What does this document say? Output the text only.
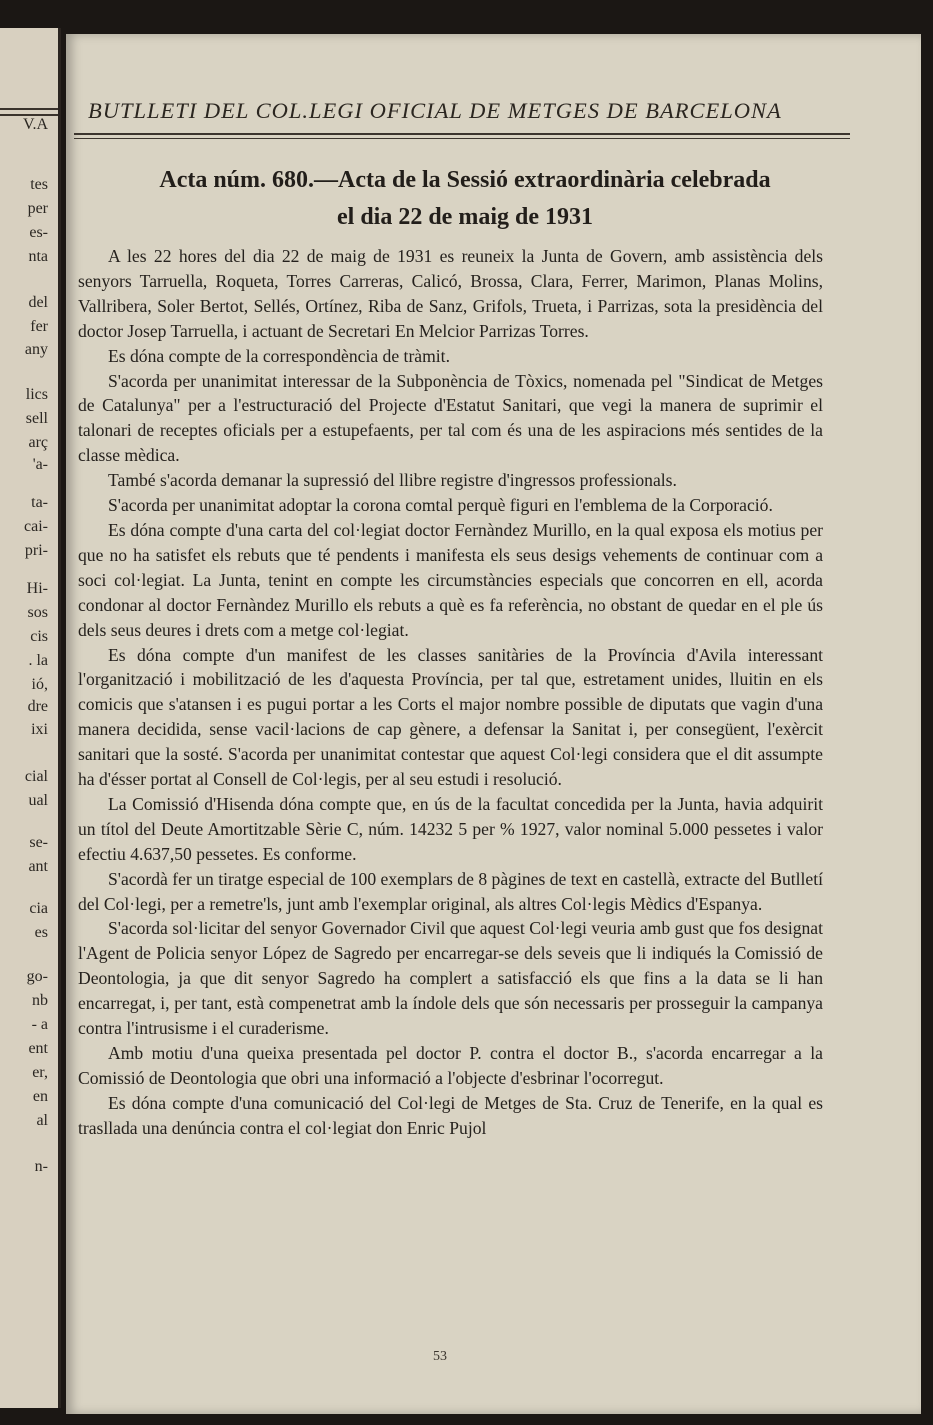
V.A
tes
per
es-
nta
del
fer
any
lics
sell
arç
'a-
ta-
cai-
pri-
Hi-
sos
cis
. la
ió,
dre
ixi
cial
ual
se-
ant
cia
es
go-
nb
- a
ent
er,
en
al
n-
BUTLLETI DEL COL.LEGI OFICIAL DE METGES DE BARCELONA
Acta núm. 680.—Acta de la Sessió extraordinària celebrada
el dia 22 de maig de 1931

A les 22 hores del dia 22 de maig de 1931 es reuneix la Junta de Govern, amb assistència dels senyors Tarruella, Roqueta, Torres Carreras, Calicó, Brossa, Clara, Ferrer, Marimon, Planas Molins, Vallribera, Soler Bertot, Sellés, Ortínez, Riba de Sanz, Grifols, Trueta, i Parrizas, sota la presidència del doctor Josep Tarruella, i actuant de Secretari En Melcior Parrizas Torres.

Es dóna compte de la correspondència de tràmit.

S'acorda per unanimitat interessar de la Subponència de Tòxics, nomenada pel "Sindicat de Metges de Catalunya" per a l'estructuració del Projecte d'Estatut Sanitari, que vegi la manera de suprimir el talonari de receptes oficials per a estupefaents, per tal com és una de les aspiracions més sentides de la classe mèdica.

També s'acorda demanar la supressió del llibre registre d'ingressos professionals.

S'acorda per unanimitat adoptar la corona comtal perquè figuri en l'emblema de la Corporació.

Es dóna compte d'una carta del col·legiat doctor Fernàndez Murillo, en la qual exposa els motius per que no ha satisfet els rebuts que té pendents i manifesta els seus desigs vehements de continuar com a soci col·legiat. La Junta, tenint en compte les circumstàncies especials que concorren en ell, acorda condonar al doctor Fernàndez Murillo els rebuts a què es fa referència, no obstant de quedar en el ple ús dels seus deures i drets com a metge col·legiat.

Es dóna compte d'un manifest de les classes sanitàries de la Província d'Avila interessant l'organització i mobilització de les d'aquesta Província, per tal que, estretament unides, lluitin en els comicis que s'atansen i es pugui portar a les Corts el major nombre possible de diputats que vagin d'una manera decidida, sense vacil·lacions de cap gènere, a defensar la Sanitat i, per consegüent, l'exèrcit sanitari que la sosté. S'acorda per unanimitat contestar que aquest Col·legi considera que el dit assumpte ha d'ésser portat al Consell de Col·legis, per al seu estudi i resolució.

La Comissió d'Hisenda dóna compte que, en ús de la facultat concedida per la Junta, havia adquirit un títol del Deute Amortitzable Sèrie C, núm. 14232 5 per % 1927, valor nominal 5.000 pessetes i valor efectiu 4.637,50 pessetes. Es conforme.

S'acordà fer un tiratge especial de 100 exemplars de 8 pàgines de text en castellà, extracte del Butlletí del Col·legi, per a remetre'ls, junt amb l'exemplar original, als altres Col·legis Mèdics d'Espanya.

S'acorda sol·licitar del senyor Governador Civil que aquest Col·legi veuria amb gust que fos designat l'Agent de Policia senyor López de Sagredo per encarregar-se dels seveis que li indiqués la Comissió de Deontologia, ja que dit senyor Sagredo ha complert a satisfacció els que fins a la data se li han encarregat, i, per tant, està compenetrat amb la índole dels que són necessaris per prosseguir la campanya contra l'intrusisme i el curaderisme.

Amb motiu d'una queixa presentada pel doctor P. contra el doctor B., s'acorda encarregar a la Comissió de Deontologia que obri una informació a l'objecte d'esbrinar l'ocorregut.

Es dóna compte d'una comunicació del Col·legi de Metges de Sta. Cruz de Tenerife, en la qual es trasllada una denúncia contra el col·legiat don Enric Pujol

53
